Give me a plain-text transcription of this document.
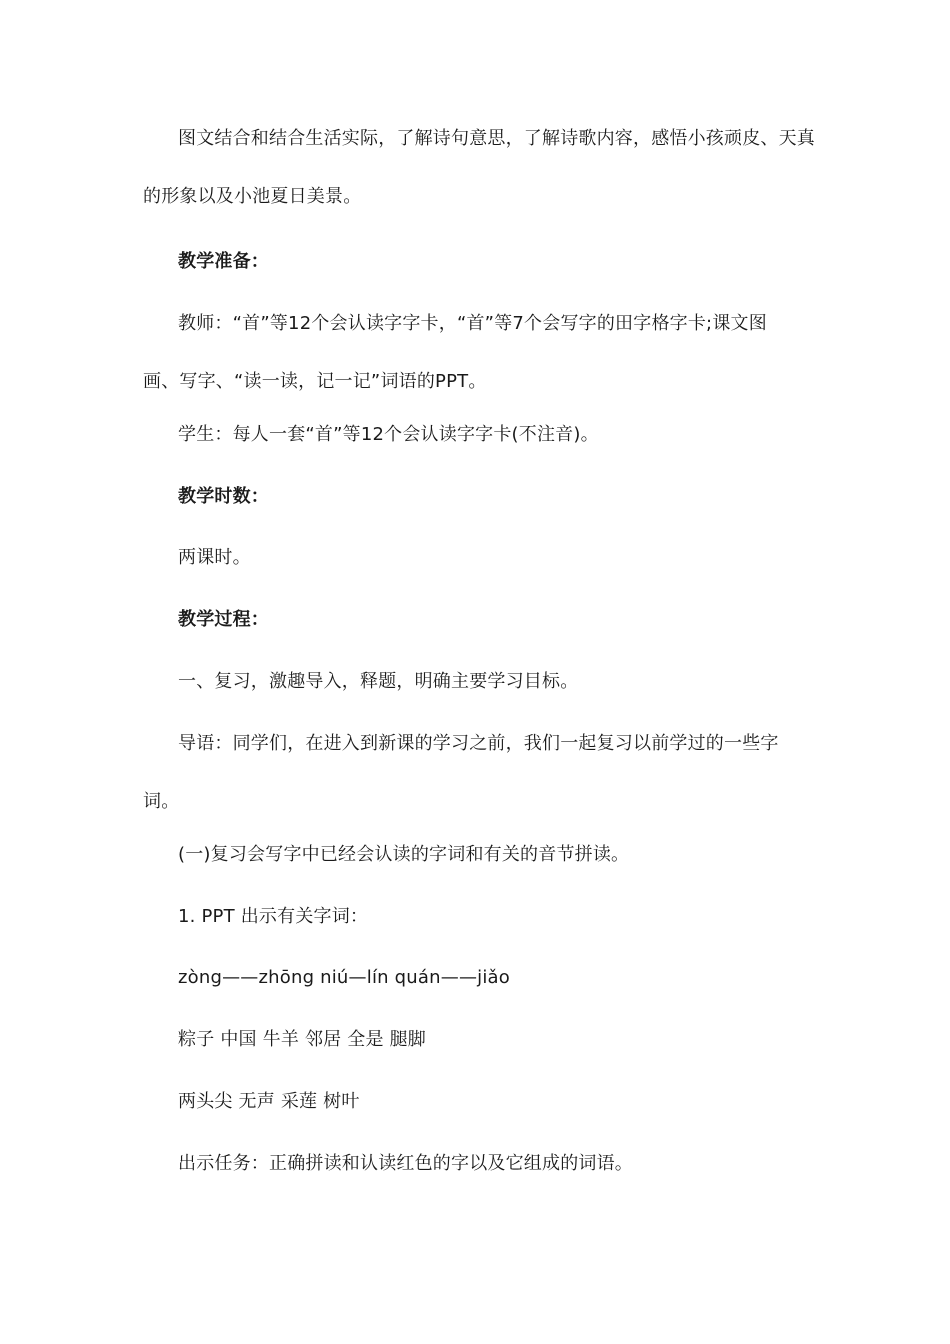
图文结合和结合生活实际，了解诗句意思，了解诗歌内容，感悟小孩顽皮、天真的形象以及小池夏日美景。

教学准备：

教师：“首”等12个会认读字字卡，“首”等7个会写字的田字格字卡;课文图画、写字、“读一读，记一记”词语的PPT。

学生：每人一套“首”等12个会认读字字卡(不注音)。

教学时数：

两课时。

教学过程：

一、复习，激趣导入，释题，明确主要学习目标。

导语：同学们，在进入到新课的学习之前，我们一起复习以前学过的一些字词。

(一)复习会写字中已经会认读的字词和有关的音节拼读。

1. PPT 出示有关字词：

zòng——zhōng niú—lín quán——jiǎo

粽子 中国 牛羊 邻居 全是 腿脚

两头尖 无声 采莲 树叶

出示任务：正确拼读和认读红色的字以及它组成的词语。
